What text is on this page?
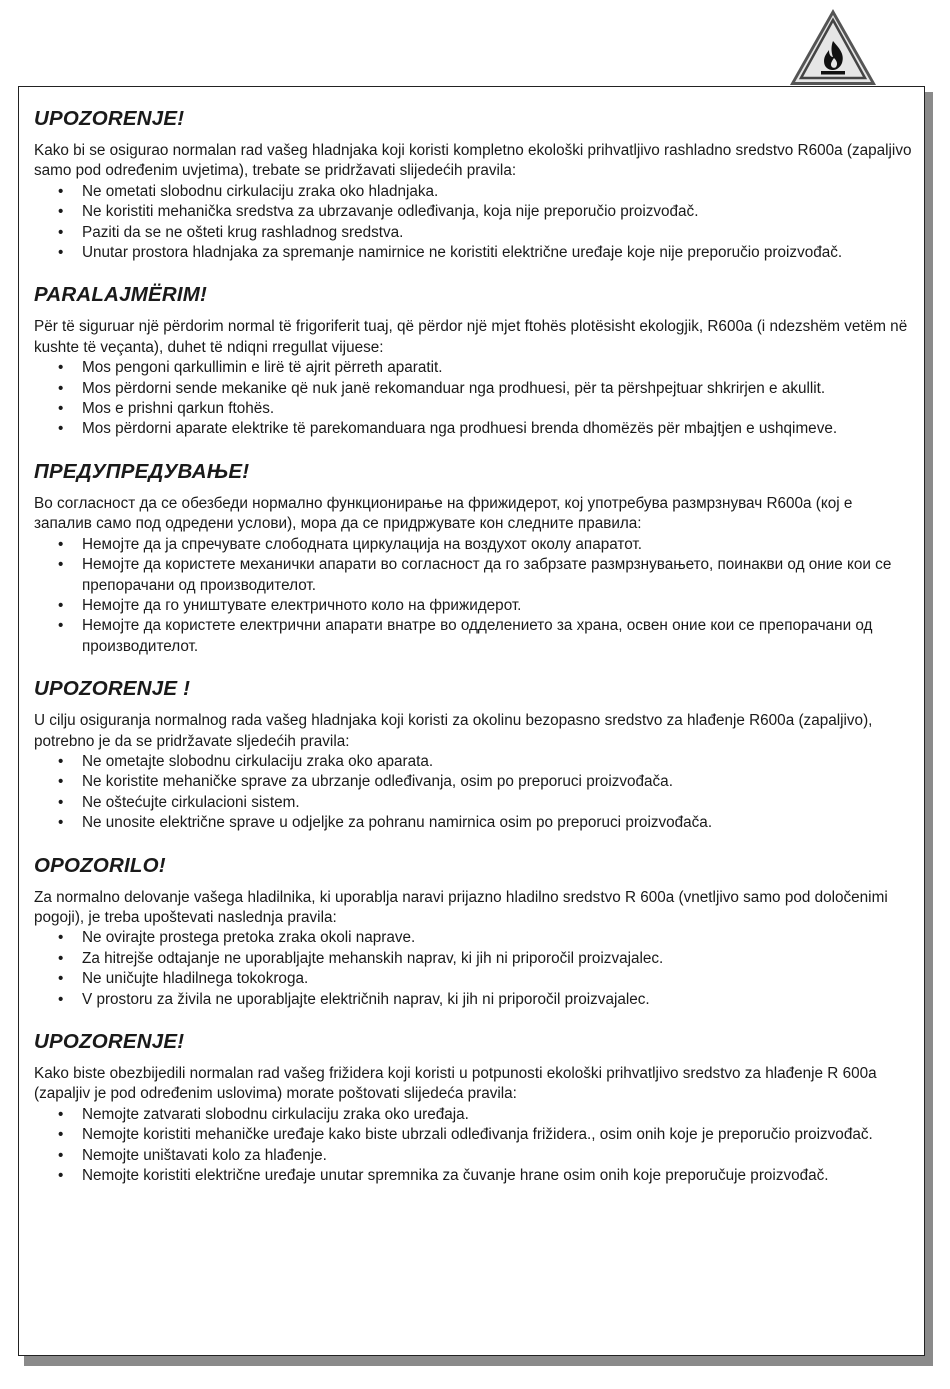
UPOZORENJE!

Kako bi se osigurao normalan rad vašeg hladnjaka koji koristi kompletno ekološki prihvatljivo rashladno sredstvo R600a (zapaljivo samo pod određenim uvjetima), trebate se pridržavati slijedećih pravila:

• Ne ometati slobodnu cirkulaciju zraka oko hladnjaka.
• Ne koristiti mehanička sredstva za ubrzavanje odleđivanja, koja nije preporučio proizvođač.
• Paziti da se ne ošteti krug rashladnog sredstva.
• Unutar prostora hladnjaka za spremanje namirnice ne koristiti električne uređaje koje nije preporučio proizvođač.
PARALAJMËRIM!

Për të siguruar një përdorim normal të frigoriferit tuaj, që përdor një mjet ftohës plotësisht ekologjik, R600a (i ndezshëm vetëm në kushte të veçanta), duhet të ndiqni rregullat vijuese:

• Mos pengoni qarkullimin e lirë të ajrit përreth aparatit.
• Mos përdorni sende mekanike që nuk janë rekomanduar nga prodhuesi, për ta përshpejtuar shkrirjen e akullit.
• Mos e prishni qarkun ftohës.
• Mos përdorni aparate elektrike të parekomanduara nga prodhuesi brenda dhomëzës për mbajtjen e ushqimeve.
ПРЕДУПРЕДУВАЊЕ!

Во согласност да се обезбеди нормално функционирање на фрижидерот, кој употребува размрзнувач R600a (кој е запалив само под одредени услови), мора да се придржувате кон следните правила:

• Немојте да ја спречувате слободната циркулација на воздухот околу апаратот.
• Немојте да користете механички апарати во согласност да го забрзате размрзнувањето, поинакви од оние кои се препорачани од производителот.
• Немојте да го уништувате електричното коло на фрижидерот.
• Немојте да користете електрични апарати внатре во одделението за храна, освен оние кои се препорачани од производителот.
UPOZORENJE !

U cilju osiguranja normalnog rada vašeg hladnjaka koji koristi za okolinu bezopasno sredstvo za hlađenje R600a (zapaljivo), potrebno je da se pridržavate sljedećih pravila:

• Ne ometajte slobodnu cirkulaciju zraka oko aparata.
• Ne koristite mehaničke sprave za ubrzanje odleđivanja, osim po preporuci proizvođača.
• Ne oštećujte cirkulacioni sistem.
• Ne unosite električne sprave u odjeljke za pohranu namirnica osim po preporuci proizvođača.
OPOZORILO!

Za normalno delovanje vašega hladilnika, ki uporablja naravi prijazno hladilno sredstvo R 600a (vnetljivo samo pod določenimi pogoji), je treba upoštevati naslednja pravila:

• Ne ovirajte prostega pretoka zraka okoli naprave.
• Za hitrejše odtajanje ne uporabljajte mehanskih naprav, ki jih ni priporočil proizvajalec.
• Ne uničujte hladilnega tokokroga.
• V prostoru za živila ne uporabljajte električnih naprav, ki jih ni priporočil proizvajalec.
UPOZORENJE!

Kako biste obezbijedili normalan rad vašeg frižidera koji koristi u potpunosti ekološki prihvatljivo sredstvo za hlađenje R 600a (zapaljiv je pod određenim uslovima) morate poštovati slijedeća pravila:

• Nemojte zatvarati slobodnu cirkulaciju zraka oko uređaja.
• Nemojte koristiti mehaničke uređaje kako biste ubrzali odleđivanja frižidera., osim onih koje je preporučio proizvođač.
• Nemojte uništavati kolo za hlađenje.
• Nemojte koristiti električne uređaje unutar spremnika za čuvanje hrane osim onih koje preporučuje proizvođač.
